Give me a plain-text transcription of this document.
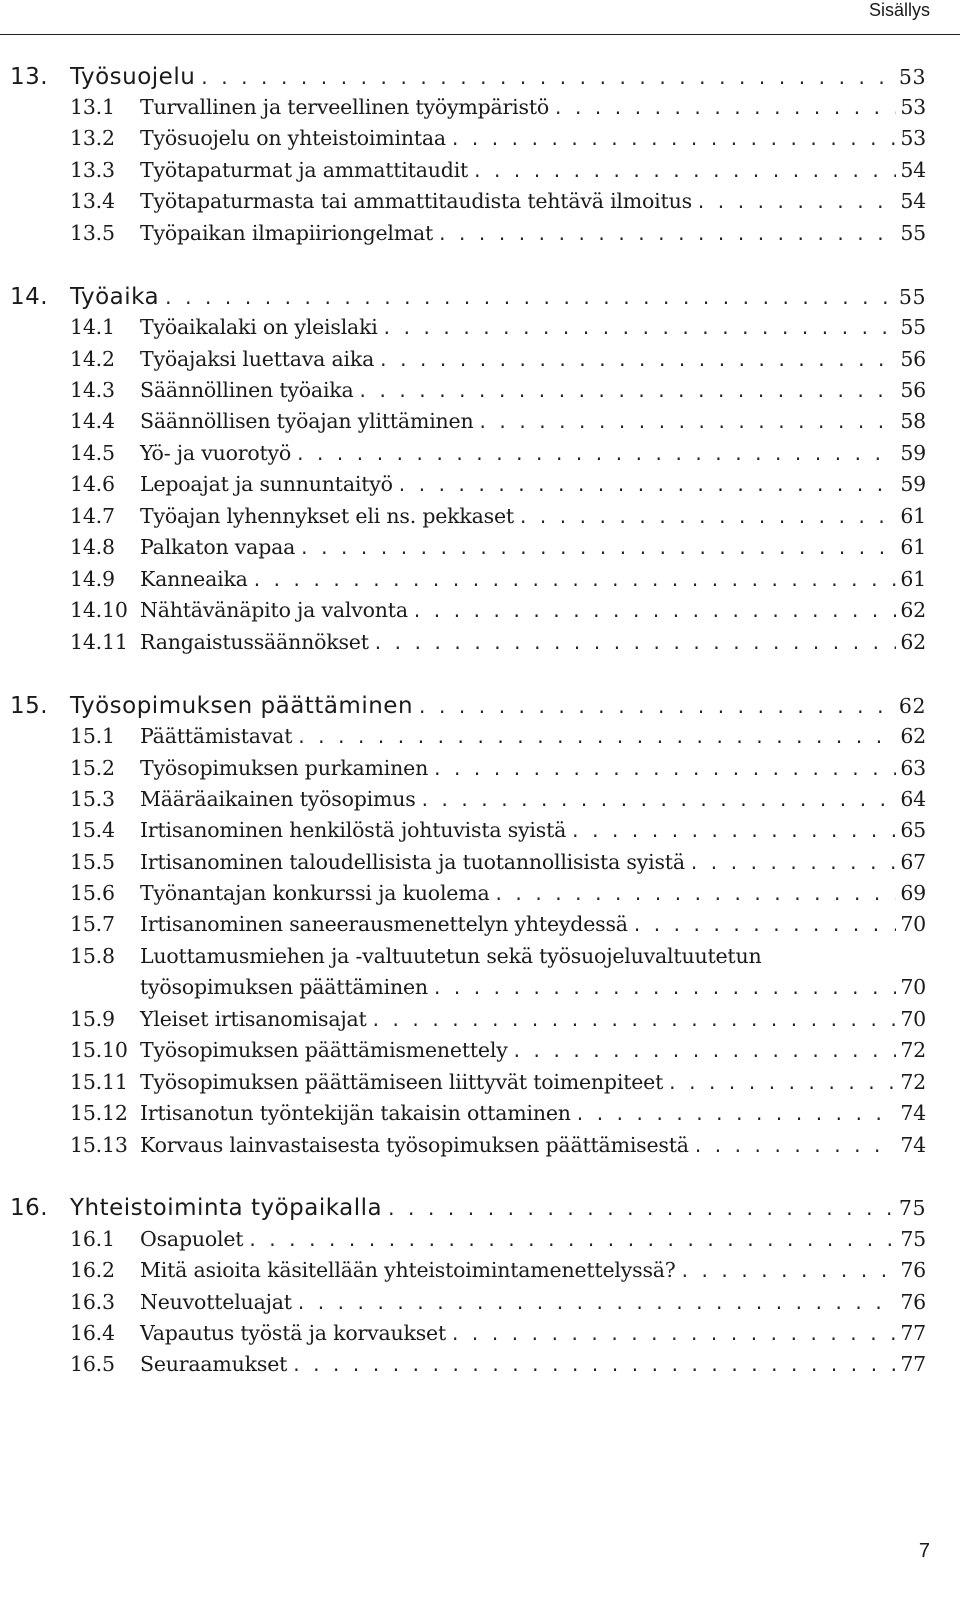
Sisällys
13. Työsuojelu . . .	53
13.1	Turvallinen ja terveellinen työympäristö . . .	53
13.2	Työsuojelu on yhteistoimintaa . . .	53
13.3	Työtapaturmat ja ammattitaudit . . .	54
13.4	Työtapaturmasta tai ammattitaudista tehtävä ilmoitus . . .	54
13.5	Työpaikan ilmapiiriongelmat . . .	55
14. Työaika . . .	55
14.1	Työaikalaki on yleislaki . . .	55
14.2	Työajaksi luettava aika . . .	56
14.3	Säännöllinen työaika . . .	56
14.4	Säännöllisen työajan ylittäminen . . .	58
14.5	Yö- ja vuorotyö . . .	59
14.6	Lepoajat ja sunnuntaityö . . .	59
14.7	Työajan lyhennykset eli ns. pekkaset . . .	61
14.8	Palkaton vapaa . . .	61
14.9	Kanneaika . . .	61
14.10 Nähtävänäpito ja valvonta . . .	62
14.11 Rangaistussäännökset . . .	62
15. Työsopimuksen päättäminen . . .	62
15.1	Päättämistavat . . .	62
15.2	Työsopimuksen purkaminen . . .	63
15.3	Määräaikainen työsopimus . . .	64
15.4	Irtisanominen henkilöstä johtuvista syistä . . .	65
15.5	Irtisanominen taloudellisista ja tuotannollisista syistä . . .	67
15.6	Työnantajan konkurssi ja kuolema . . .	69
15.7	Irtisanominen saneerausmenettelyn yhteydessä . . .	70
15.8	Luottamusmiehen ja -valtuutetun sekä työsuojeluvaltuutetun
työsopimuksen päättäminen . . .	70
15.9	Yleiset irtisanomisajat . . .	70
15.10 Työsopimuksen päättämismenettely . . .	72
15.11 Työsopimuksen päättämiseen liittyvät toimenpiteet . . .	72
15.12 Irtisanotun työntekijän takaisin ottaminen . . .	74
15.13 Korvaus lainvastaisesta työsopimuksen päättämisestä . . .	74
16. Yhteistoiminta työpaikalla . . .	75
16.1	Osapuolet . . .	75
16.2	Mitä asioita käsitellään yhteistoimintamenettelyssä? . . .	76
16.3	Neuvotteluajat . . .	76
16.4	Vapautus työstä ja korvaukset . . .	77
16.5	Seuraamukset . . .	77
7
